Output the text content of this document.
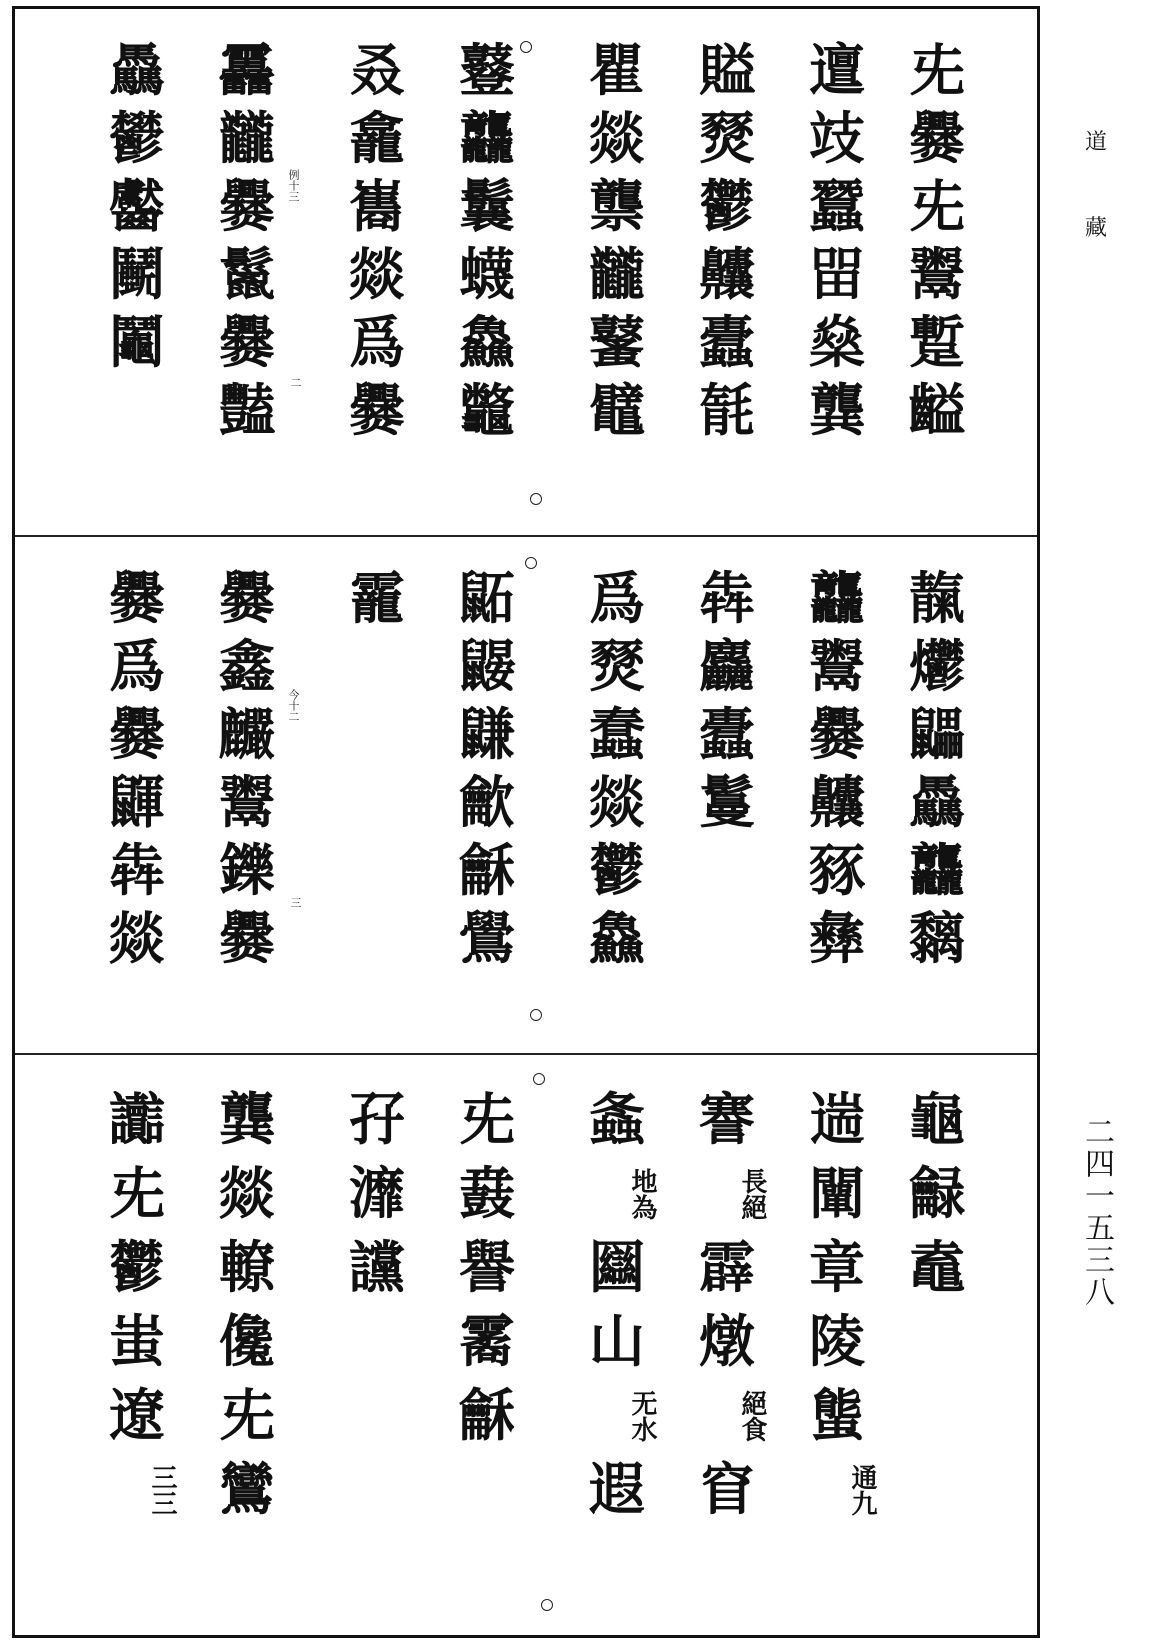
兂
爨
兂
鬻
蹔
齸
邅
攱
蠶
㽞
燊
龔
賹
燹
鬱
齉
蠹
毻
瞿
燚
龒
龖
鼜
鼊
鼟
龘
鬤
蠛
鱻
龞
叒
龕
巂
燚
爲
爨
靐
龖
爨
鬣
爨
豔
驫
鬰
齾
鬭
鬮
靝
爩
鼺
驫
龘
黐
龘
鬻
爨
齉
豩
彝
犇
麤
蠹
鬘
爲
燹
蠢
燚
鬱
鱻
鼫
鼹
鼸
龡
龢
鷽
靇
爨
鑫
麣
鬻
鑠
爨
爨
爲
爨
鼲
犇
燚
龜
龣
鼁
遄
闡
章
陵
螚
通九
謇
長絕
霹
燉
絕食
窅
螽
地為
圝
山
无水
遐
兂
鼖
譽
霱
龢
孖
灖
讜
龔
燚
轑
儳
兂
鸞
讟
兂
鬱
蚩
遼
三三
例十三
二
今十二
三
道
藏
二四一五三八
